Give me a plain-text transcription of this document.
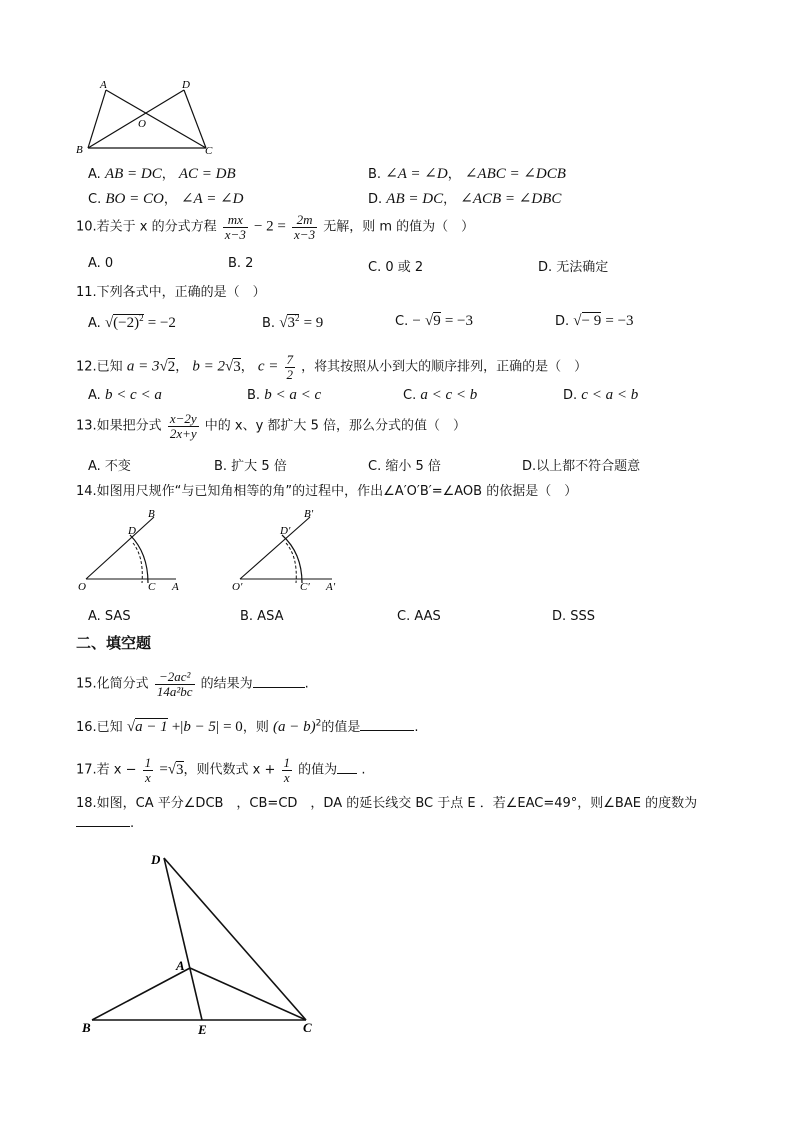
A	D
O
B	C
A. AB = DC， AC = DB	B. ∠A = ∠D， ∠ABC = ∠DCB
C. BO = CO， ∠A = ∠D	D. AB = DC， ∠ACB = ∠DBC
10.若关于 x 的分式方程 $\frac{mx}{x-3} - 2 = \frac{2m}{x-3}$ 无解，则 m 的值为（　）
A. 0	B. 2	C. 0 或 2	D. 无法确定
11.下列各式中，正确的是（　）
A. $√(-2)^2 = -2$	B. $√3^2 = 9$	C. − √9 = −3	D. √− 9 = −3
12.已知 a = 3√2， b = 2√3， $c = \frac{7}{2}$ ，将其按照从小到大的顺序排列，正确的是（　）
A. b < c < a	B. b < a < c	C. a < c < b	D. c < a < b
13.如果把分式 $\frac{x-2y}{2x+y}$ 中的 x、y 都扩大 5 倍，那么分式的值（　）
A. 不变	B. 扩大 5 倍	C. 缩小 5 倍	D.以上都不符合题意
14.如图用尺规作“与已知角相等的角”的过程中，作出∠A′O′B′=∠AOB 的依据是（　）
B
D
O	C A
B′
D′
O′	C′ A′
A. SAS	B. ASA	C. AAS	D. SSS
二、填空题
15.化简分式 $\frac{\text{−2ac²}}{\text{14a²bc}}$ 的结果为	.
16.已知 √a − 1 +|b − 5| = 0，则 $(a - b)^2$的值是	.
17.若 $x - \frac{1}{x} =√3$，则代数式 $x + \frac{1}{x}$ 的值为 .
18.如图，CA 平分∠DCB　，CB=CD　，DA 的延长线交 BC 于点 E ．若∠EAC=49°，则∠BAE 的度数为
.
D
A
B	E	C
